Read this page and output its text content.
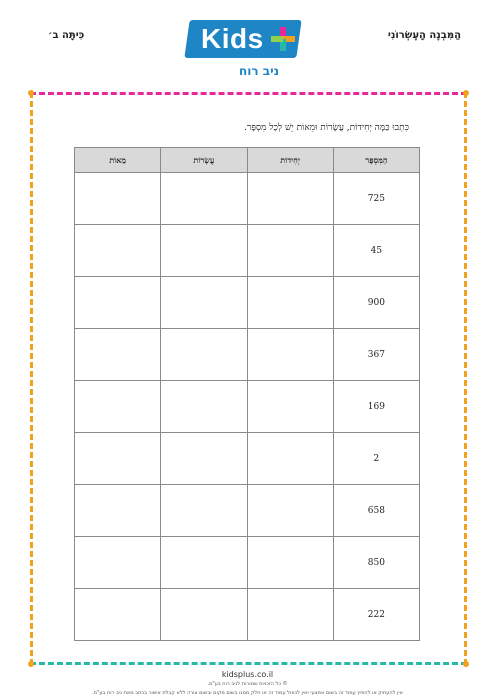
כִּיתָּה ב׳	הַמִּבְנֶה הָעֶשְׂרוֹנִי
Kids
ניב רוח
כִּתְבוּ כַּמָּה יְחִידוֹת, עֲשָׂרוֹת וּמֵאוֹת יֵשׁ לְכָל מִסְפָּר.
הַמִּסְפָּר	יְחִידוֹת	עֲשָׂרוֹת	מֵאוֹת
725			
45			
900			
367			
169			
2			
658			
850			
222			
kidsplus.co.il
© כל הזכויות שמורות לניב רוח בע"מ.
אין להעתיק או להפיץ עמוד זה בשום אמצעי ואין לכפול עמוד זה או חלק ממנו בשום מקום ובשום צורה ללא קבלת אישור בכתב מאת ניב רוח בע"מ.
